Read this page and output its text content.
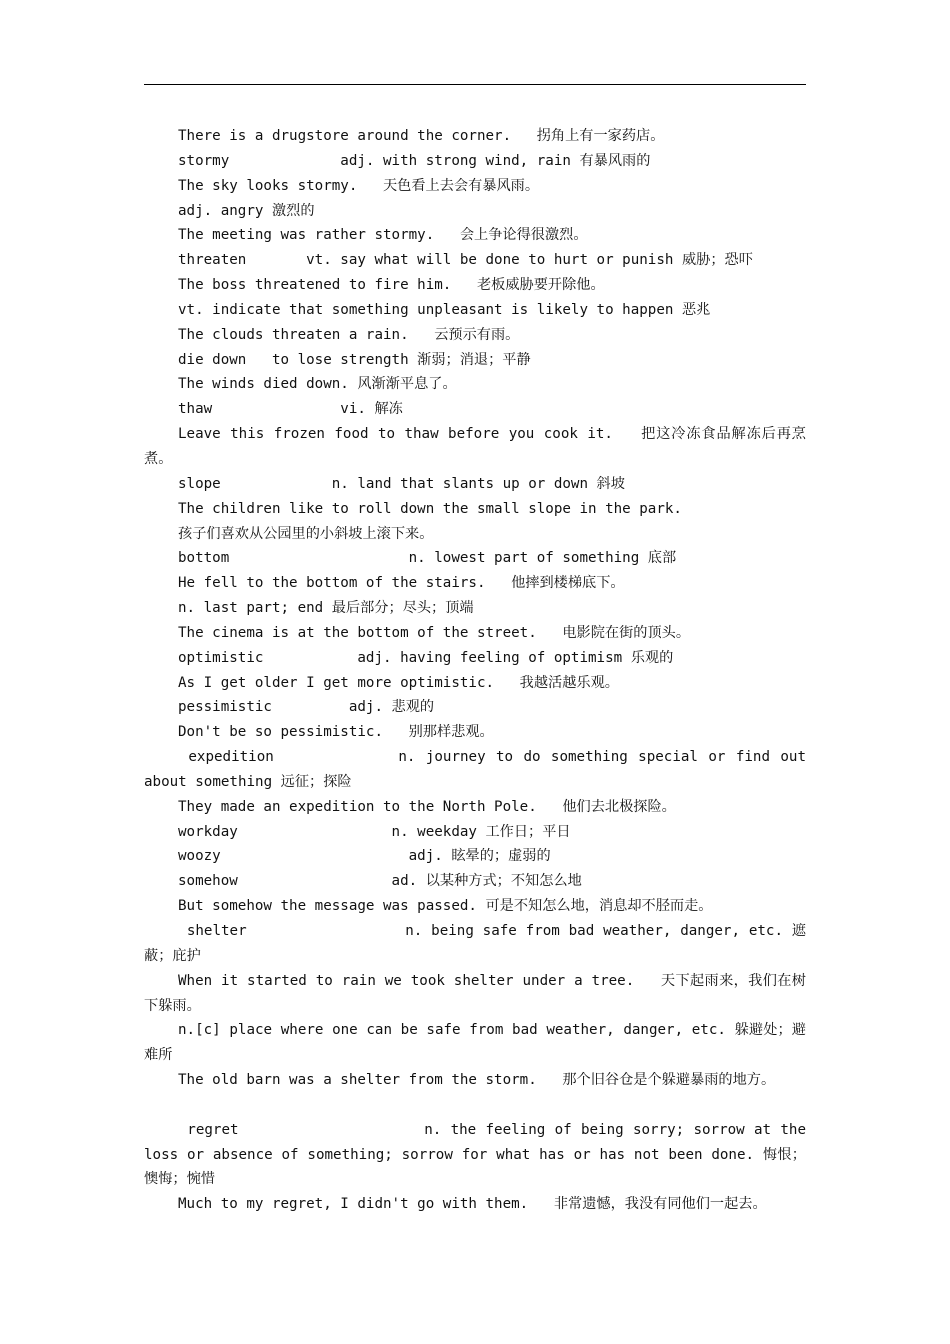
There is a drugstore around the corner.   拐角上有一家药店。
stormy             adj. with strong wind, rain 有暴风雨的
The sky looks stormy.   天色看上去会有暴风雨。
adj. angry 激烈的
The meeting was rather stormy.   会上争论得很激烈。
threaten       vt. say what will be done to hurt or punish 威胁；恐吓
The boss threatened to fire him.   老板威胁要开除他。
vt. indicate that something unpleasant is likely to happen 恶兆
The clouds threaten a rain.   云预示有雨。
die down   to lose strength 渐弱；消退；平静
The winds died down. 风渐渐平息了。
thaw               vi. 解冻
Leave this frozen food to thaw before you cook it.   把这冷冻食品解冻后再烹煮。
slope             n. land that slants up or down 斜坡
The children like to roll down the small slope in the park.
孩子们喜欢从公园里的小斜坡上滚下来。
bottom                     n. lowest part of something 底部
He fell to the bottom of the stairs.   他摔到楼梯底下。
n. last part; end 最后部分；尽头；顶端
The cinema is at the bottom of the street.   电影院在街的顶头。
optimistic           adj. having feeling of optimism 乐观的
As I get older I get more optimistic.   我越活越乐观。
pessimistic         adj. 悲观的
Don't be so pessimistic.   别那样悲观。
expedition            n. journey to do something special or find out about something 远征；探险
They made an expedition to the North Pole.   他们去北极探险。
workday                  n. weekday 工作日；平日
woozy                      adj. 眩晕的；虚弱的
somehow                  ad. 以某种方式；不知怎么地
But somehow the message was passed. 可是不知怎么地，消息却不胫而走。
shelter                  n. being safe from bad weather, danger, etc. 遮蔽；庇护
When it started to rain we took shelter under a tree.   天下起雨来，我们在树下躲雨。
n.[c] place where one can be safe from bad weather, danger, etc. 躲避处；避难所
The old barn was a shelter from the storm.   那个旧谷仓是个躲避暴雨的地方。
regret                    n. the feeling of being sorry; sorrow at the loss or absence of something; sorrow for what has or has not been done. 悔恨；懊悔；惋惜
Much to my regret, I didn't go with them.   非常遗憾，我没有同他们一起去。
